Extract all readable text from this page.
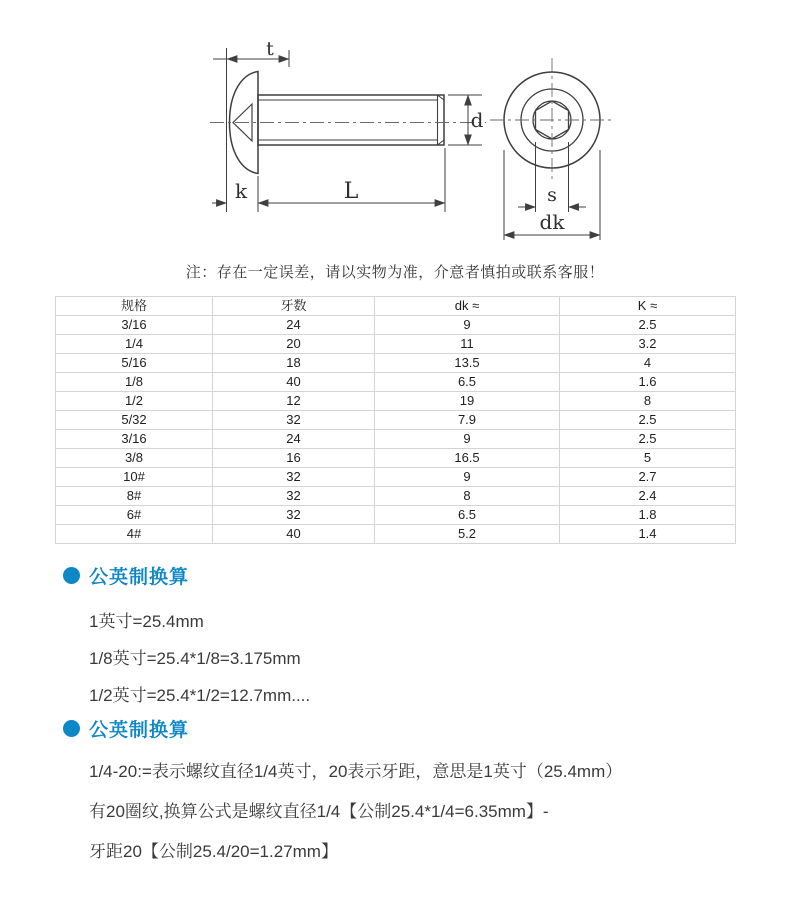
t
d
k	L	s
dk
注：存在一定误差，请以实物为准，介意者慎拍或联系客服！
规格	牙数	dk ≈	K ≈
3/16	24	9	2.5
1/4	20	11	3.2
5/16	18	13.5	4
1/8	40	6.5	1.6
1/2	12	19	8
5/32	32	7.9	2.5
3/16	24	9	2.5
3/8	16	16.5	5
10#	32	9	2.7
8#	32	8	2.4
6#	32	6.5	1.8
4#	40	5.2	1.4
公英制换算
1英寸=25.4mm
1/8英寸=25.4*1/8=3.175mm
1/2英寸=25.4*1/2=12.7mm....
公英制换算
1/4-20:=表示螺纹直径1/4英寸，20表示牙距，意思是1英寸（25.4mm）
有20圈纹,换算公式是螺纹直径1/4【公制25.4*1/4=6.35mm】-
牙距20【公制25.4/20=1.27mm】
